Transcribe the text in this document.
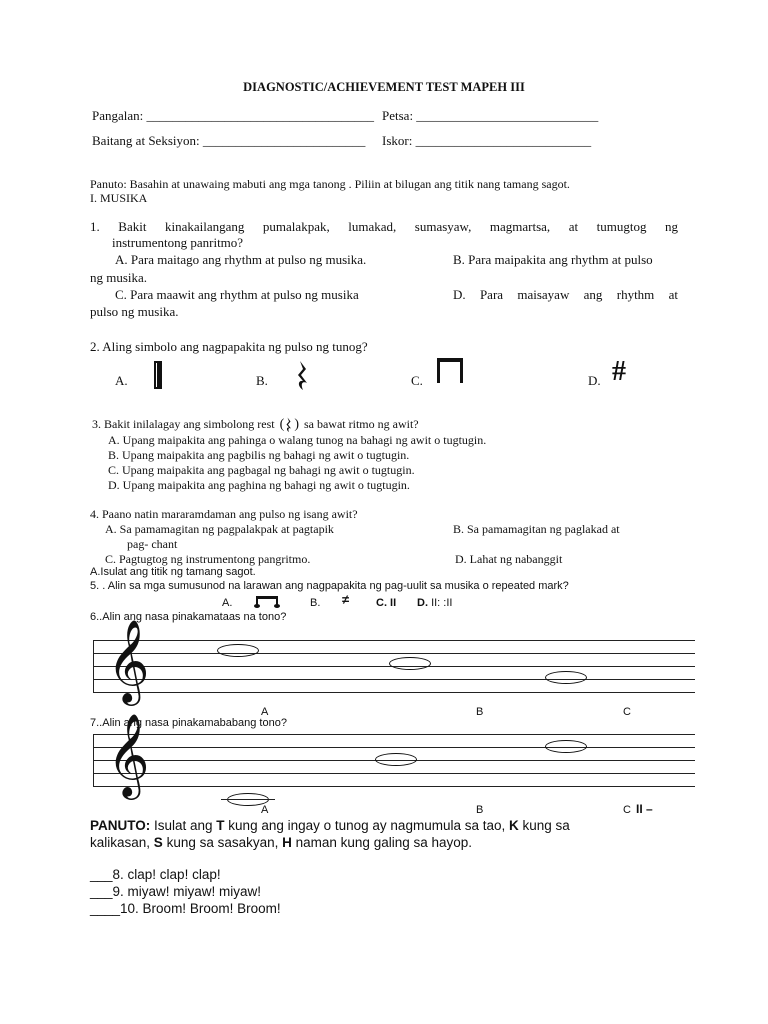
DIAGNOSTIC/ACHIEVEMENT TEST MAPEH III
Pangalan: ___________________________________ Petsa: ____________________________
Baitang at Seksiyon: _________________________ Iskor: ___________________________
Panuto: Basahin at unawaing mabuti ang mga tanong . Piliin at bilugan ang titik nang tamang sagot.
I. MUSIKA
1. Bakit kinakailangang pumalakpak, lumakad, sumasyaw, magmartsa, at tumugtog ng
instrumentong panritmo?
A. Para maitago ang rhythm at pulso ng musika.	B. Para maipakita ang rhythm at pulso
ng musika.
C. Para maawit ang rhythm at pulso ng musika	D. Para maisayaw ang rhythm at
pulso ng musika.
2. Aling simbolo ang nagpapakita ng pulso ng tunog?
A.	B.	C.	D. #
3. Bakit inilalagay ang simbolong rest ( ) sa bawat ritmo ng awit?
A. Upang maipakita ang pahinga o walang tunog na bahagi ng awit o tugtugin.
B. Upang maipakita ang pagbilis ng bahagi ng awit o tugtugin.
C. Upang maipakita ang pagbagal ng bahagi ng awit o tugtugin.
D. Upang maipakita ang paghina ng bahagi ng awit o tugtugin.
4. Paano natin mararamdaman ang pulso ng isang awit?
A. Sa pamamagitan ng pagpalakpak at pagtapik	B. Sa pamamagitan ng paglakad at
pag- chant
C. Pagtugtog ng instrumentong pangritmo.	D. Lahat ng nabanggit
A.Isulat ang titik ng tamang sagot.
5. . Alin sa mga sumusunod na larawan ang nagpapakita ng pag-uulit sa musika o repeated mark?
A.	B. ≠ C. II D. II: :II
6..Alin ang nasa pinakamataas na tono?
𝄞
A	B	C
7..Alin ang nasa pinakamababang tono?
𝄞
A	B	C II –
PANUTO: Isulat ang T kung ang ingay o tunog ay nagmumula sa tao, K kung sa
kalikasan, S kung sa sasakyan, H naman kung galing sa hayop.
___8. clap! clap! clap!
___9. miyaw! miyaw! miyaw!
____10. Broom! Broom! Broom!
